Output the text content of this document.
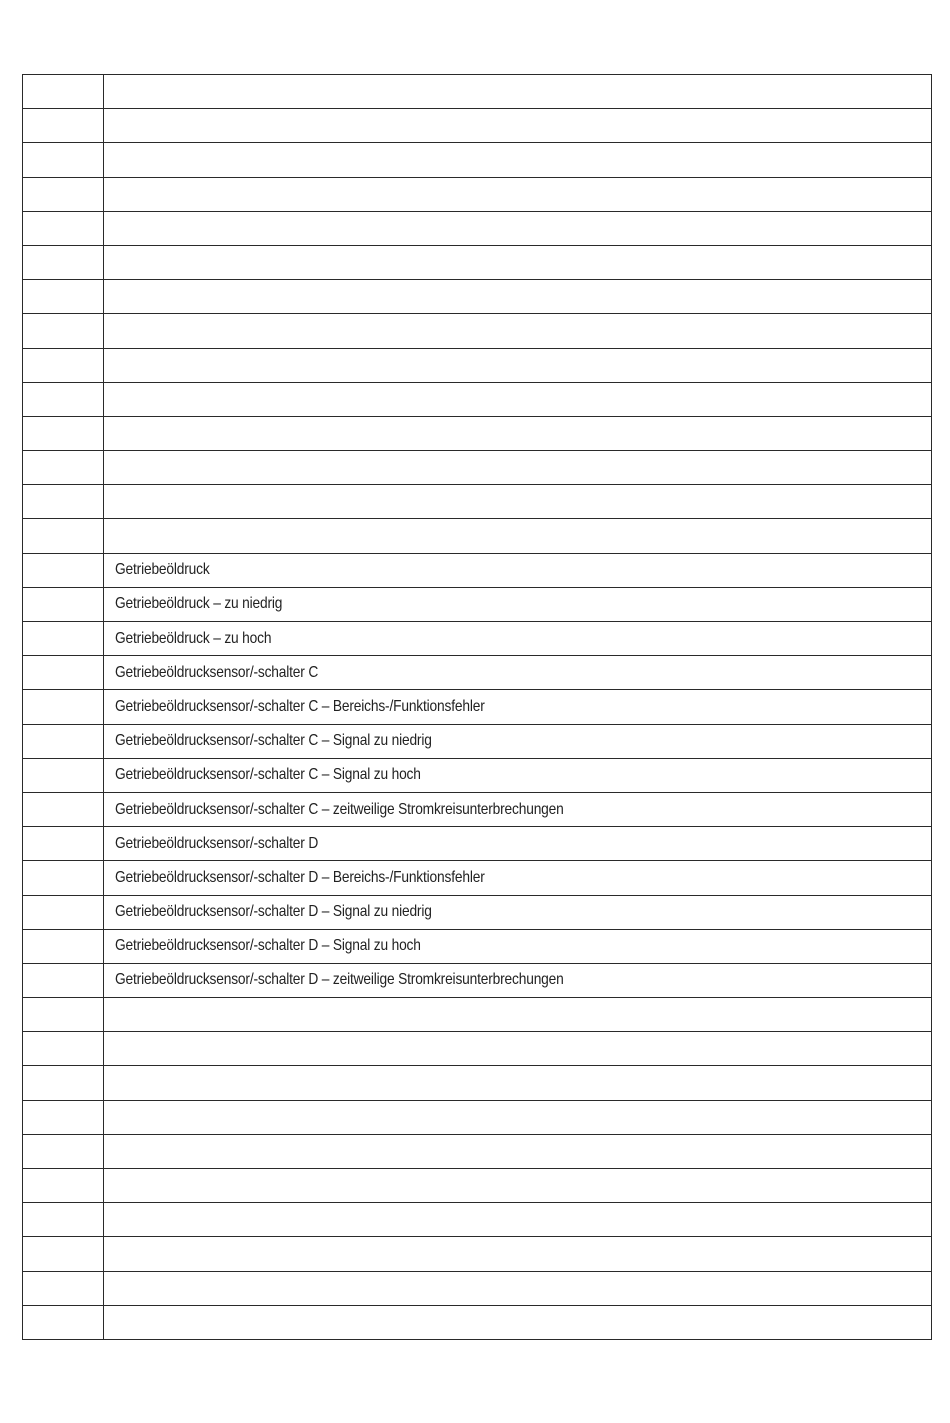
	Getriebeöldruck
	Getriebeöldruck – zu niedrig
	Getriebeöldruck – zu hoch
	Getriebeöldrucksensor/-schalter C
	Getriebeöldrucksensor/-schalter C – Bereichs-/Funktionsfehler
	Getriebeöldrucksensor/-schalter C – Signal zu niedrig
	Getriebeöldrucksensor/-schalter C – Signal zu hoch
	Getriebeöldrucksensor/-schalter C – zeitweilige Stromkreisunterbrechungen
	Getriebeöldrucksensor/-schalter D
	Getriebeöldrucksensor/-schalter D – Bereichs-/Funktionsfehler
	Getriebeöldrucksensor/-schalter D – Signal zu niedrig
	Getriebeöldrucksensor/-schalter D – Signal zu hoch
	Getriebeöldrucksensor/-schalter D – zeitweilige Stromkreisunterbrechungen
